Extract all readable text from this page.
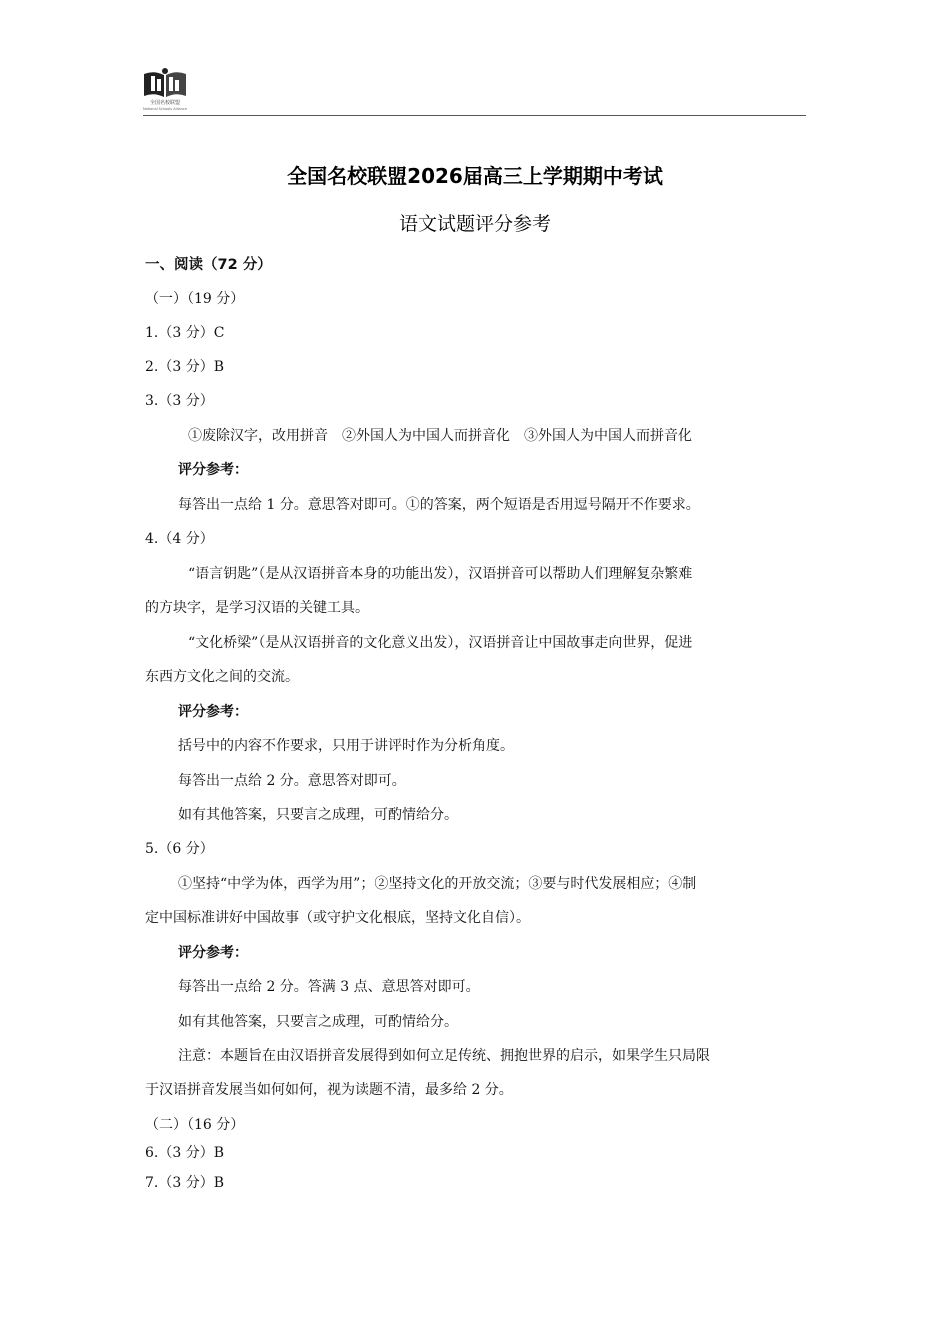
全国名校联盟
National Schools Alliance
全国名校联盟2026届高三上学期期中考试
语文试题评分参考
一、阅读（72 分）
（一）（19 分）
1.（3 分）C
2.（3 分）B
3.（3 分）
①废除汉字，改用拼音　②外国人为中国人而拼音化　③外国人为中国人而拼音化
评分参考：
每答出一点给 1 分。意思答对即可。①的答案，两个短语是否用逗号隔开不作要求。
4.（4 分）
“语言钥匙”（是从汉语拼音本身的功能出发），汉语拼音可以帮助人们理解复杂繁难
的方块字，是学习汉语的关键工具。
“文化桥梁”（是从汉语拼音的文化意义出发），汉语拼音让中国故事走向世界，促进
东西方文化之间的交流。
评分参考：
括号中的内容不作要求，只用于讲评时作为分析角度。
每答出一点给 2 分。意思答对即可。
如有其他答案，只要言之成理，可酌情给分。
5.（6 分）
①坚持“中学为体，西学为用”；②坚持文化的开放交流；③要与时代发展相应；④制
定中国标准讲好中国故事（或守护文化根底，坚持文化自信）。
评分参考：
每答出一点给 2 分。答满 3 点、意思答对即可。
如有其他答案，只要言之成理，可酌情给分。
注意：本题旨在由汉语拼音发展得到如何立足传统、拥抱世界的启示，如果学生只局限
于汉语拼音发展当如何如何，视为读题不清，最多给 2 分。
（二）（16 分）
6.（3 分）B
7.（3 分）B
